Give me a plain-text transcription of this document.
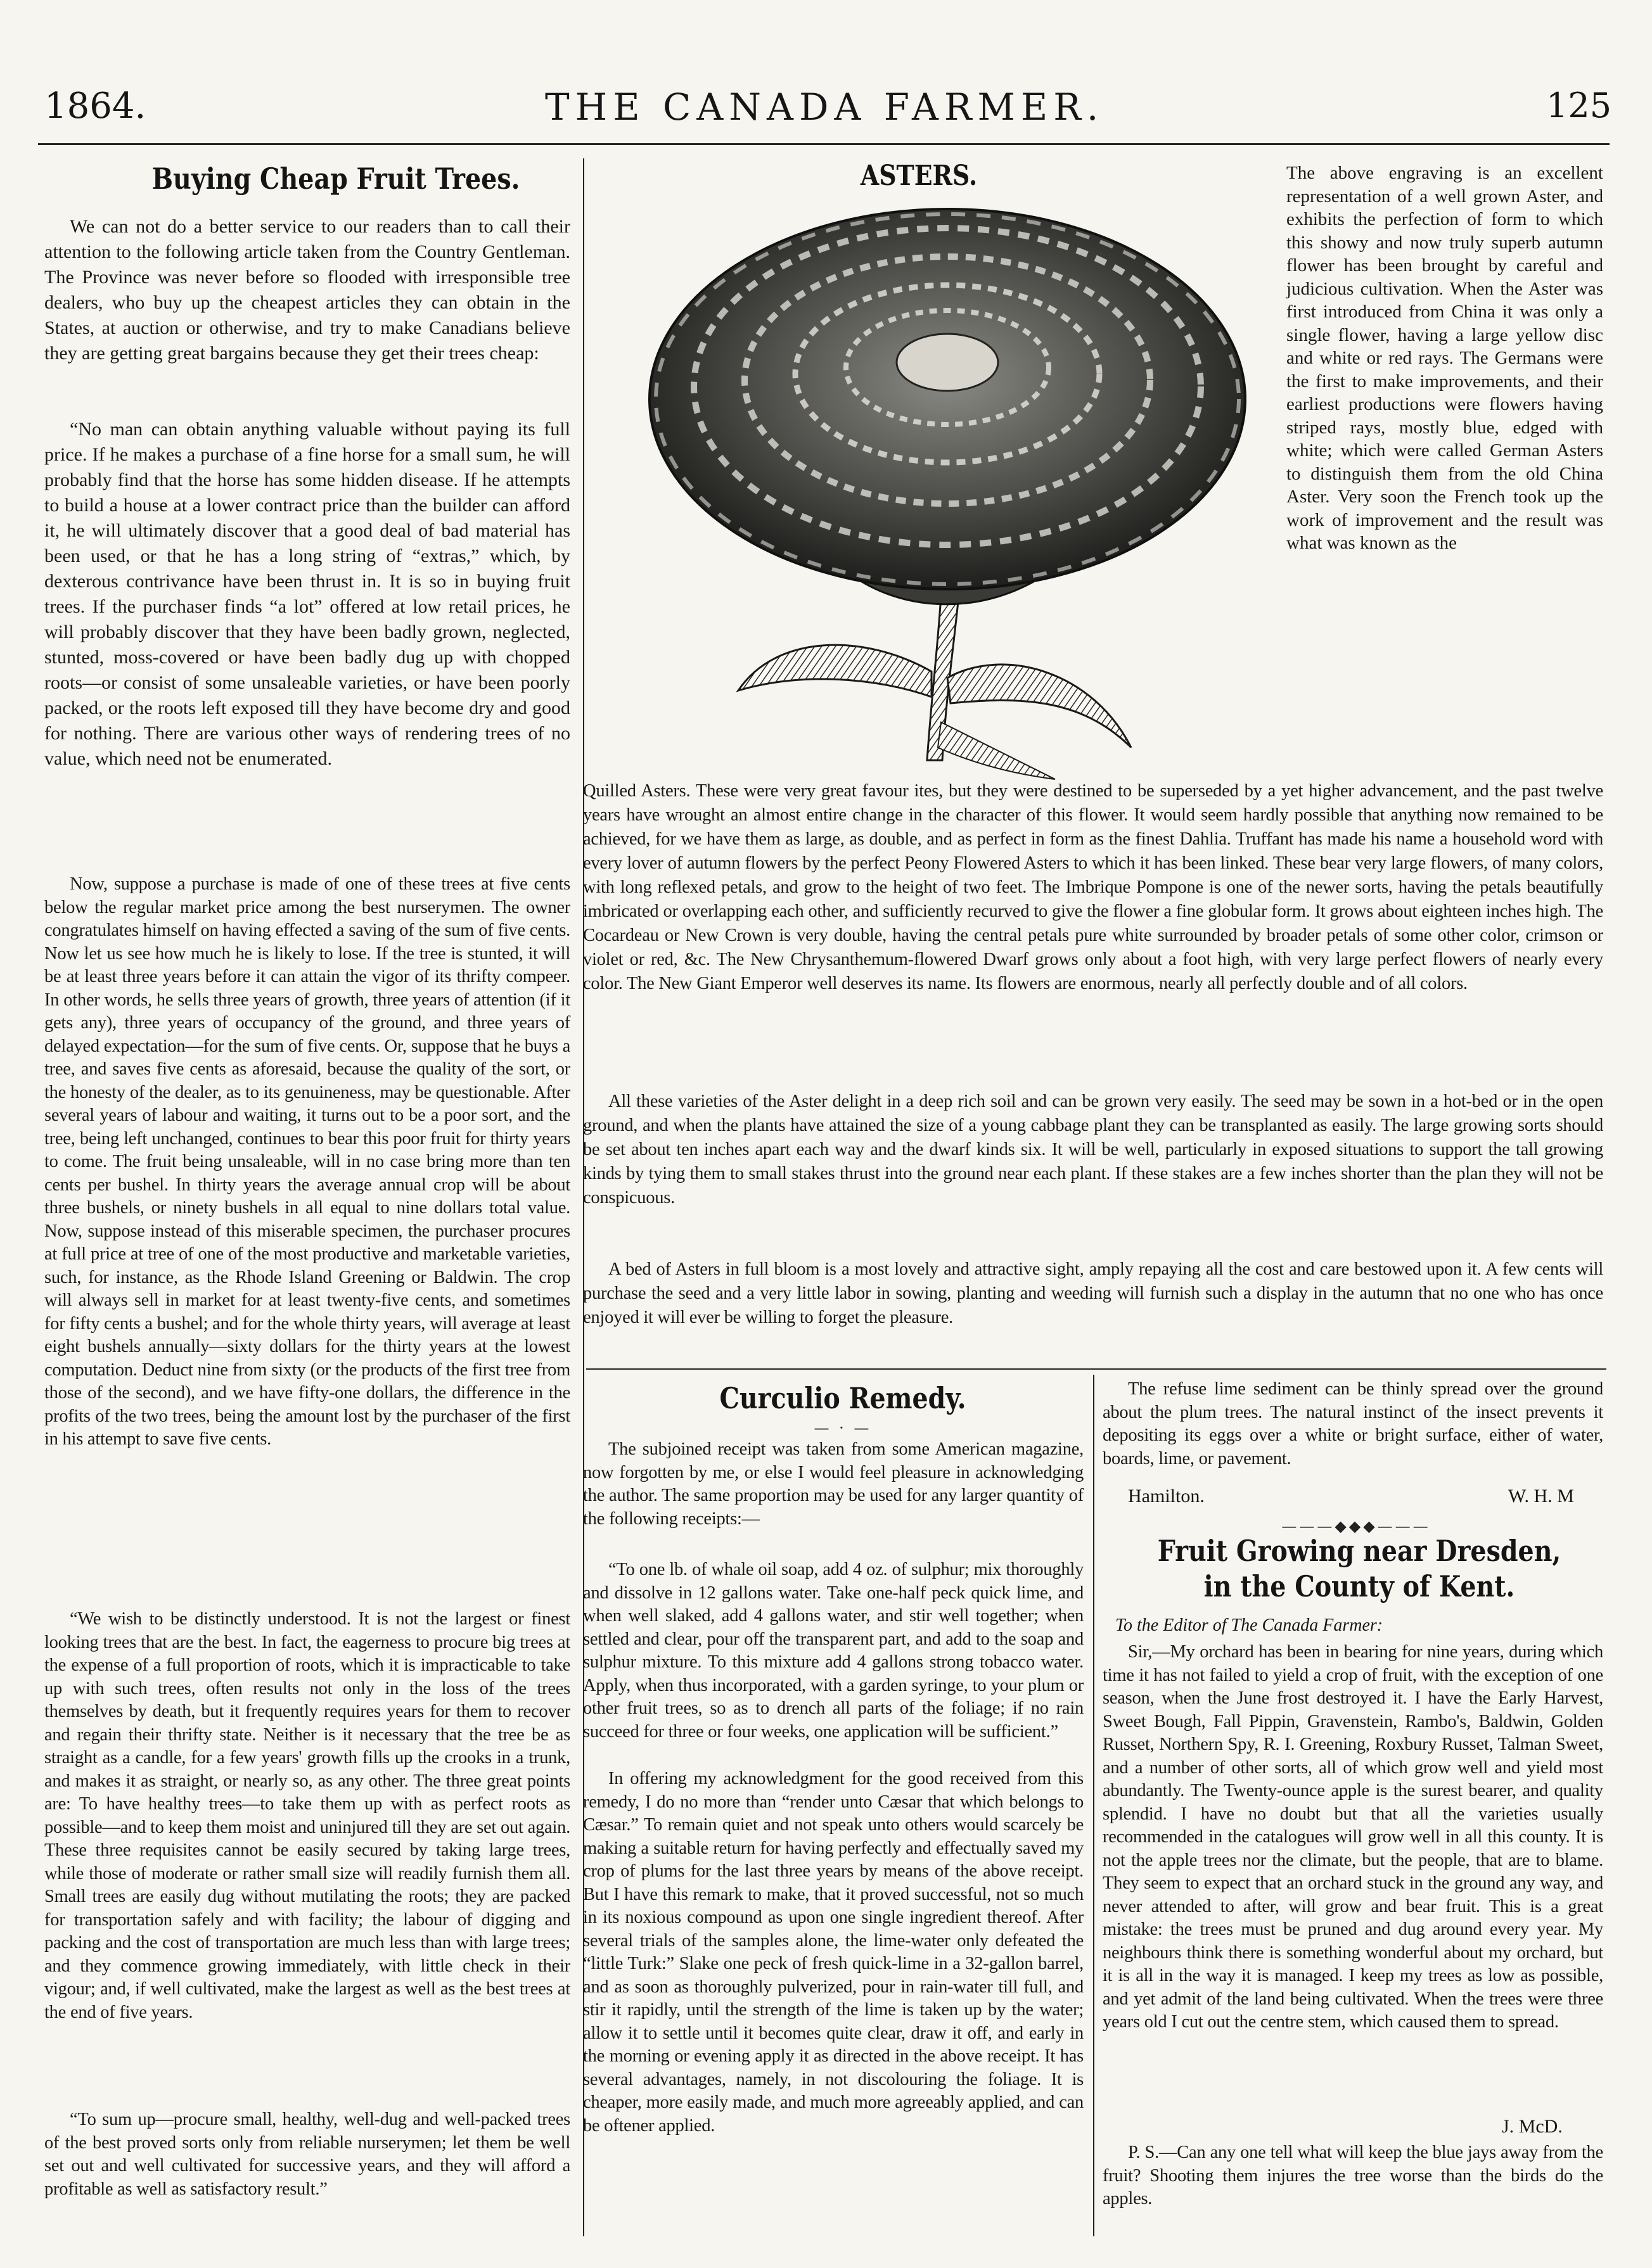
1864.	THE CANADA FARMER.	125
Buying Cheap Fruit Trees.

We can not do a better service to our readers than to call their attention to the following article taken from the Country Gentleman. The Province was never before so flooded with irresponsible tree dealers, who buy up the cheapest articles they can obtain in the States, at auction or otherwise, and try to make Canadians believe they are getting great bargains because they get their trees cheap:

“No man can obtain anything valuable without paying its full price. If he makes a purchase of a fine horse for a small sum, he will probably find that the horse has some hidden disease. If he attempts to build a house at a lower contract price than the builder can afford it, he will ultimately discover that a good deal of bad material has been used, or that he has a long string of “extras,” which, by dexterous contrivance have been thrust in. It is so in buying fruit trees. If the purchaser finds “a lot” offered at low retail prices, he will probably discover that they have been badly grown, neglected, stunted, moss-covered or have been badly dug up with chopped roots—or consist of some unsaleable varieties, or have been poorly packed, or the roots left exposed till they have become dry and good for nothing. There are various other ways of rendering trees of no value, which need not be enumerated.

Now, suppose a purchase is made of one of these trees at five cents below the regular market price among the best nurserymen. The owner congratulates himself on having effected a saving of the sum of five cents. Now let us see how much he is likely to lose. If the tree is stunted, it will be at least three years before it can attain the vigor of its thrifty compeer. In other words, he sells three years of growth, three years of attention (if it gets any), three years of occupancy of the ground, and three years of delayed expectation—for the sum of five cents. Or, suppose that he buys a tree, and saves five cents as aforesaid, because the quality of the sort, or the honesty of the dealer, as to its genuineness, may be questionable. After several years of labour and waiting, it turns out to be a poor sort, and the tree, being left unchanged, continues to bear this poor fruit for thirty years to come. The fruit being unsaleable, will in no case bring more than ten cents per bushel. In thirty years the average annual crop will be about three bushels, or ninety bushels in all equal to nine dollars total value. Now, suppose instead of this miserable specimen, the purchaser procures at full price at tree of one of the most productive and marketable varieties, such, for instance, as the Rhode Island Greening or Baldwin. The crop will always sell in market for at least twenty-five cents, and sometimes for fifty cents a bushel; and for the whole thirty years, will average at least eight bushels annually—sixty dollars for the thirty years at the lowest computation. Deduct nine from sixty (or the products of the first tree from those of the second), and we have fifty-one dollars, the difference in the profits of the two trees, being the amount lost by the purchaser of the first in his attempt to save five cents.

“We wish to be distinctly understood. It is not the largest or finest looking trees that are the best. In fact, the eagerness to procure big trees at the expense of a full proportion of roots, which it is impracticable to take up with such trees, often results not only in the loss of the trees themselves by death, but it frequently requires years for them to recover and regain their thrifty state. Neither is it necessary that the tree be as straight as a candle, for a few years' growth fills up the crooks in a trunk, and makes it as straight, or nearly so, as any other. The three great points are: To have healthy trees—to take them up with as perfect roots as possible—and to keep them moist and uninjured till they are set out again. These three requisites cannot be easily secured by taking large trees, while those of moderate or rather small size will readily furnish them all. Small trees are easily dug without mutilating the roots; they are packed for transportation safely and with facility; the labour of digging and packing and the cost of transportation are much less than with large trees; and they commence growing immediately, with little check in their vigour; and, if well cultivated, make the largest as well as the best trees at the end of five years.

“To sum up—procure small, healthy, well-dug and well-packed trees of the best proved sorts only from reliable nurserymen; let them be well set out and well cultivated for successive years, and they will afford a profitable as well as satisfactory result.”

ASTERS.	The above engraving is an excellent representation of a well grown Aster, and exhibits the perfection of form to which this showy and now truly superb autumn flower has been brought by careful and judicious cultivation. When the Aster was first introduced from China it was only a single flower, having a large yellow disc and white or red rays. The Germans were the first to make improvements, and their earliest productions were flowers having striped rays, mostly blue, edged with white; which were called German Asters to distinguish them from the old China Aster. Very soon the French took up the work of improvement and the result was what was known as the

Quilled Asters. These were very great favour ites, but they were destined to be superseded by a yet higher advancement, and the past twelve years have wrought an almost entire change in the character of this flower. It would seem hardly possible that anything now remained to be achieved, for we have them as large, as double, and as perfect in form as the finest Dahlia. Truffant has made his name a household word with every lover of autumn flowers by the perfect Peony Flowered Asters to which it has been linked. These bear very large flowers, of many colors, with long reflexed petals, and grow to the height of two feet. The Imbrique Pompone is one of the newer sorts, having the petals beautifully imbricated or overlapping each other, and sufficiently recurved to give the flower a fine globular form. It grows about eighteen inches high. The Cocardeau or New Crown is very double, having the central petals pure white surrounded by broader petals of some other color, crimson or violet or red, &c. The New Chrysanthemum-flowered Dwarf grows only about a foot high, with very large perfect flowers of nearly every color. The New Giant Emperor well deserves its name. Its flowers are enormous, nearly all perfectly double and of all colors.

All these varieties of the Aster delight in a deep rich soil and can be grown very easily. The seed may be sown in a hot-bed or in the open ground, and when the plants have attained the size of a young cabbage plant they can be transplanted as easily. The large growing sorts should be set about ten inches apart each way and the dwarf kinds six. It will be well, particularly in exposed situations to support the tall growing kinds by tying them to small stakes thrust into the ground near each plant. If these stakes are a few inches shorter than the plan they will not be conspicuous.

A bed of Asters in full bloom is a most lovely and attractive sight, amply repaying all the cost and care bestowed upon it. A few cents will purchase the seed and a very little labor in sowing, planting and weeding will furnish such a display in the autumn that no one who has once enjoyed it will ever be willing to forget the pleasure.

Curculio Remedy.
— · —

The subjoined receipt was taken from some American magazine, now forgotten by me, or else I would feel pleasure in acknowledging the author. The same proportion may be used for any larger quantity of the following receipts:—

“To one lb. of whale oil soap, add 4 oz. of sulphur; mix thoroughly and dissolve in 12 gallons water. Take one-half peck quick lime, and when well slaked, add 4 gallons water, and stir well together; when settled and clear, pour off the transparent part, and add to the soap and sulphur mixture. To this mixture add 4 gallons strong tobacco water. Apply, when thus incorporated, with a garden syringe, to your plum or other fruit trees, so as to drench all parts of the foliage; if no rain succeed for three or four weeks, one application will be sufficient.”

In offering my acknowledgment for the good received from this remedy, I do no more than “render unto Cæsar that which belongs to Cæsar.” To remain quiet and not speak unto others would scarcely be making a suitable return for having perfectly and effectually saved my crop of plums for the last three years by means of the above receipt. But I have this remark to make, that it proved successful, not so much in its noxious compound as upon one single ingredient thereof. After several trials of the samples alone, the lime-water only defeated the “little Turk:” Slake one peck of fresh quick-lime in a 32-gallon barrel, and as soon as thoroughly pulverized, pour in rain-water till full, and stir it rapidly, until the strength of the lime is taken up by the water; allow it to settle until it becomes quite clear, draw it off, and early in the morning or evening apply it as directed in the above receipt. It has several advantages, namely, in not discolouring the foliage. It is cheaper, more easily made, and much more agreeably applied, and can be oftener applied.

The refuse lime sediment can be thinly spread over the ground about the plum trees. The natural instinct of the insect prevents it depositing its eggs over a white or bright surface, either of water, boards, lime, or pavement.

Hamilton.	W. H. M
———◆◆◆———
Fruit Growing near Dresden, in the County of Kent.
To the Editor of The Canada Farmer:

Sir,—My orchard has been in bearing for nine years, during which time it has not failed to yield a crop of fruit, with the exception of one season, when the June frost destroyed it. I have the Early Harvest, Sweet Bough, Fall Pippin, Gravenstein, Rambo's, Baldwin, Golden Russet, Northern Spy, R. I. Greening, Roxbury Russet, Talman Sweet, and a number of other sorts, all of which grow well and yield most abundantly. The Twenty-ounce apple is the surest bearer, and quality splendid. I have no doubt but that all the varieties usually recommended in the catalogues will grow well in all this county. It is not the apple trees nor the climate, but the people, that are to blame. They seem to expect that an orchard stuck in the ground any way, and never attended to after, will grow and bear fruit. This is a great mistake: the trees must be pruned and dug around every year. My neighbours think there is something wonderful about my orchard, but it is all in the way it is managed. I keep my trees as low as possible, and yet admit of the land being cultivated. When the trees were three years old I cut out the centre stem, which caused them to spread.

J. McD.

P. S.—Can any one tell what will keep the blue jays away from the fruit? Shooting them injures the tree worse than the birds do the apples.
